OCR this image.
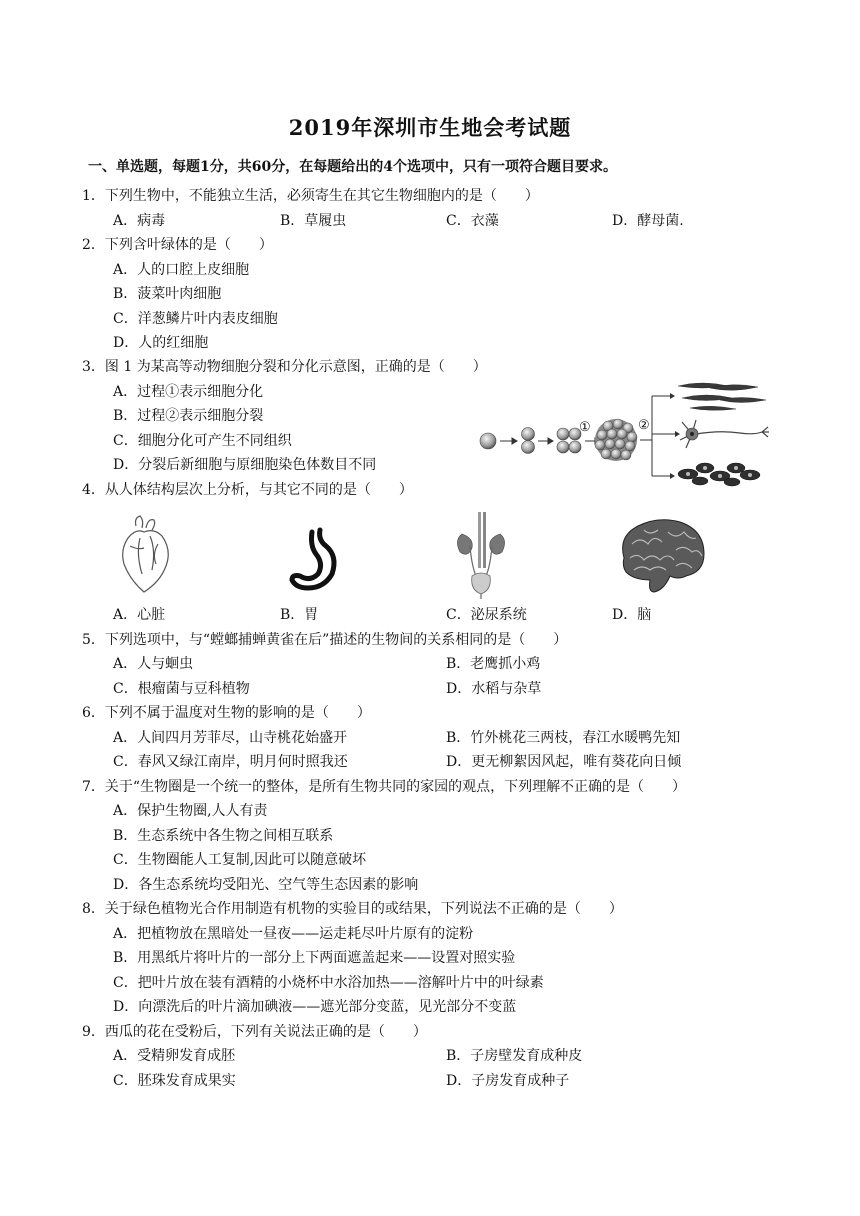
2019年深圳市生地会考试题
一、单选题，每题1分，共60分，在每题给出的4个选项中，只有一项符合题目要求。
1．下列生物中，不能独立生活，必须寄生在其它生物细胞内的是（　　）
A．病毒	B．草履虫	C．衣藻	D．酵母菌.
2．下列含叶绿体的是（　　）
A．人的口腔上皮细胞
B．菠菜叶肉细胞
C．洋葱鳞片叶内表皮细胞
D．人的红细胞
3．图 1 为某高等动物细胞分裂和分化示意图，正确的是（　　）
A．过程①表示细胞分化
B．过程②表示细胞分裂
C．细胞分化可产生不同组织
D．分裂后新细胞与原细胞染色体数目不同
①	②
4．从人体结构层次上分析，与其它不同的是（　　）
A．心脏	B．胃	C．泌尿系统	D．脑
5．下列选项中，与“螳螂捕蝉黄雀在后”描述的生物间的关系相同的是（　　）
A．人与蛔虫	B．老鹰抓小鸡
C．根瘤菌与豆科植物	D．水稻与杂草
6．下列不属于温度对生物的影响的是（　　）
A．人间四月芳菲尽，山寺桃花始盛开	B．竹外桃花三两枝，春江水暖鸭先知
C．春风又绿江南岸，明月何时照我还	D．更无柳絮因风起，唯有葵花向日倾
7．关于“生物圈是一个统一的整体，是所有生物共同的家园的观点，下列理解不正确的是（　　）
A．保护生物圈,人人有责
B．生态系统中各生物之间相互联系
C．生物圈能人工复制,因此可以随意破坏
D．各生态系统均受阳光、空气等生态因素的影响
8．关于绿色植物光合作用制造有机物的实验目的或结果，下列说法不正确的是（　　）
A．把植物放在黑暗处一昼夜——运走耗尽叶片原有的淀粉
B．用黑纸片将叶片的一部分上下两面遮盖起来——设置对照实验
C．把叶片放在装有酒精的小烧杯中水浴加热——溶解叶片中的叶绿素
D．向漂洗后的叶片滴加碘液——遮光部分变蓝，见光部分不变蓝
9．西瓜的花在受粉后，下列有关说法正确的是（　　）
A．受精卵发育成胚	B．子房壁发育成种皮
C．胚珠发育成果实	D．子房发育成种子
